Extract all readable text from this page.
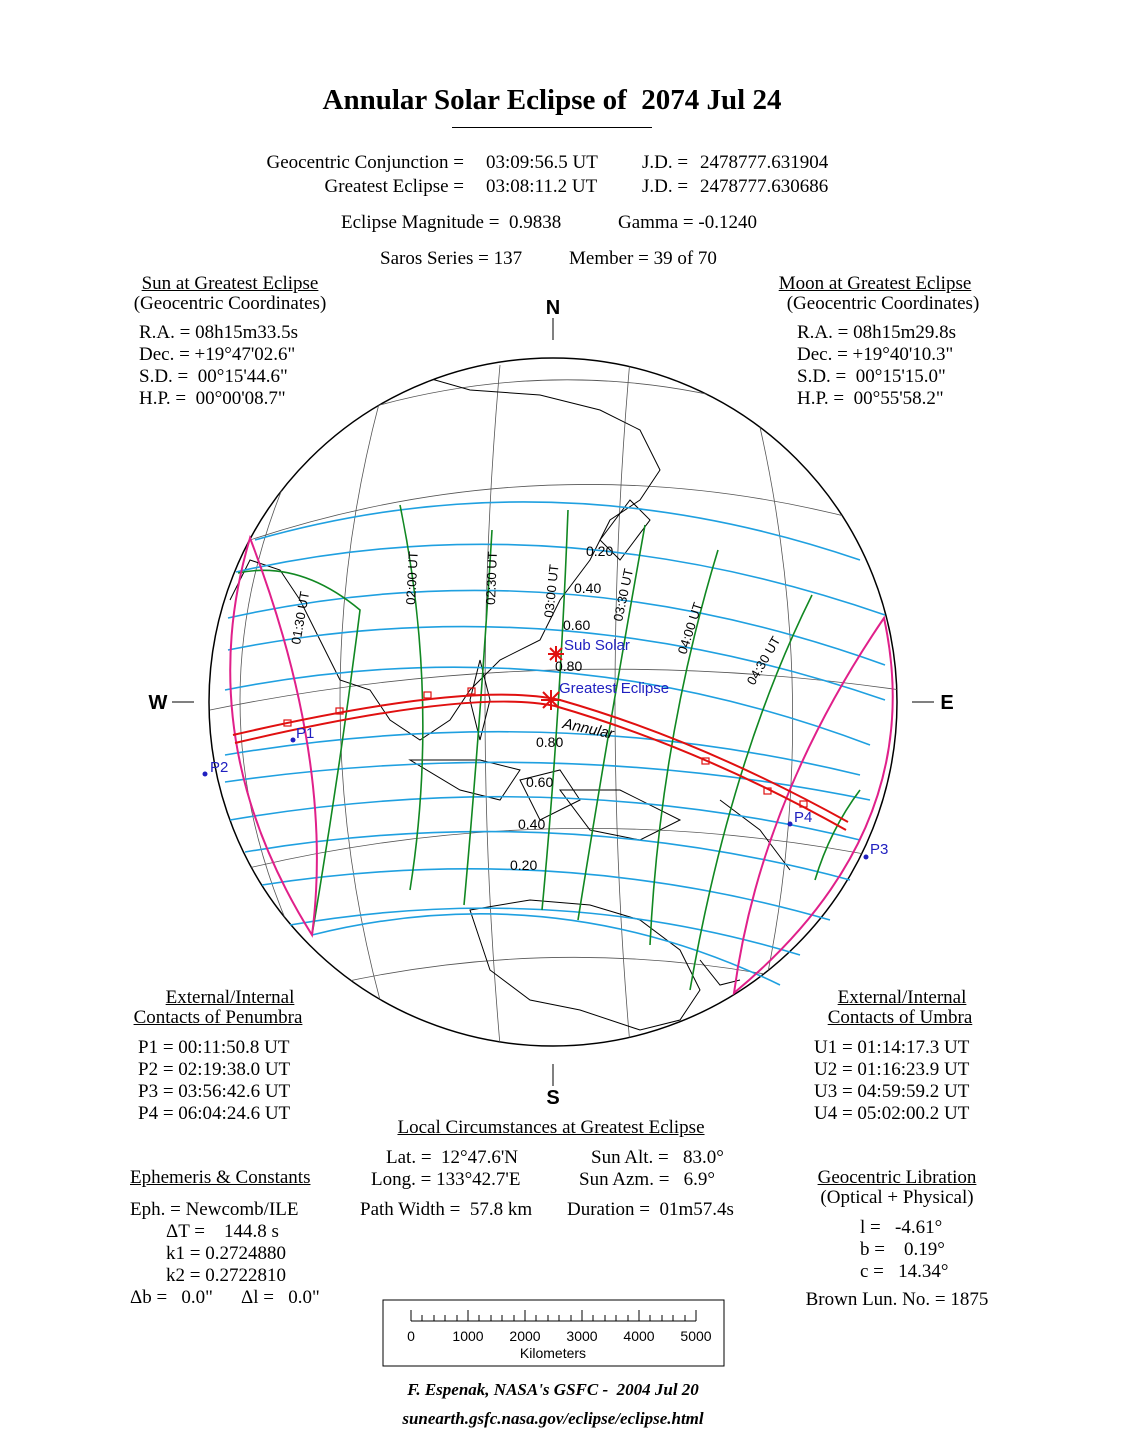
Annular Solar Eclipse of  2074 Jul 24
Geocentric Conjunction = 03:09:56.5 UT J.D. = 2478777.631904
Greatest Eclipse = 03:08:11.2 UT J.D. = 2478777.630686
Eclipse Magnitude =  0.9838	Gamma = -0.1240
Saros Series = 137 Member = 39 of 70
Sun at Greatest Eclipse
(Geocentric Coordinates)
R.A. = 08h15m33.5s
Dec. = +19°47'02.6"
S.D. =  00°15'44.6"
H.P. =  00°00'08.7"
Moon at Greatest Eclipse
(Geocentric Coordinates)
R.A. = 08h15m29.8s
Dec. = +19°40'10.3"
S.D. =  00°15'15.0"
H.P. =  00°55'58.2"
N
S
W	E
P1
P2
P3
P4
Sub Solar
Greatest Eclipse
Annular
0.20
0.40
0.60
0.80
0.80
0.60
0.40
0.20
01:30 UT
02:00 UT	02:30 UT	03:00 UT	03:30 UT
04:00 UT
04:30 UT
0	1000 2000 3000 4000 5000
Kilometers
External/Internal
Contacts of Penumbra
P1 = 00:11:50.8 UT
P2 = 02:19:38.0 UT
P3 = 03:56:42.6 UT
P4 = 06:04:24.6 UT
External/Internal
Contacts of Umbra
U1 = 01:14:17.3 UT
U2 = 01:16:23.9 UT
U3 = 04:59:59.2 UT
U4 = 05:02:00.2 UT
Local Circumstances at Greatest Eclipse
Lat. =  12°47.6'N
Long. = 133°42.7'E
Sun Alt. =   83.0°
Sun Azm. =   6.9°
Path Width =  57.8 km Duration =  01m57.4s
Ephemeris & Constants
Eph. = Newcomb/ILE
ΔT =    144.8 s
k1 = 0.2724880
k2 = 0.2722810
Δb =   0.0" Δl =   0.0"
Geocentric Libration
(Optical + Physical)
l =   -4.61°
b =    0.19°
c =   14.34°
Brown Lun. No. = 1875
F. Espenak, NASA's GSFC -  2004 Jul 20
sunearth.gsfc.nasa.gov/eclipse/eclipse.html
